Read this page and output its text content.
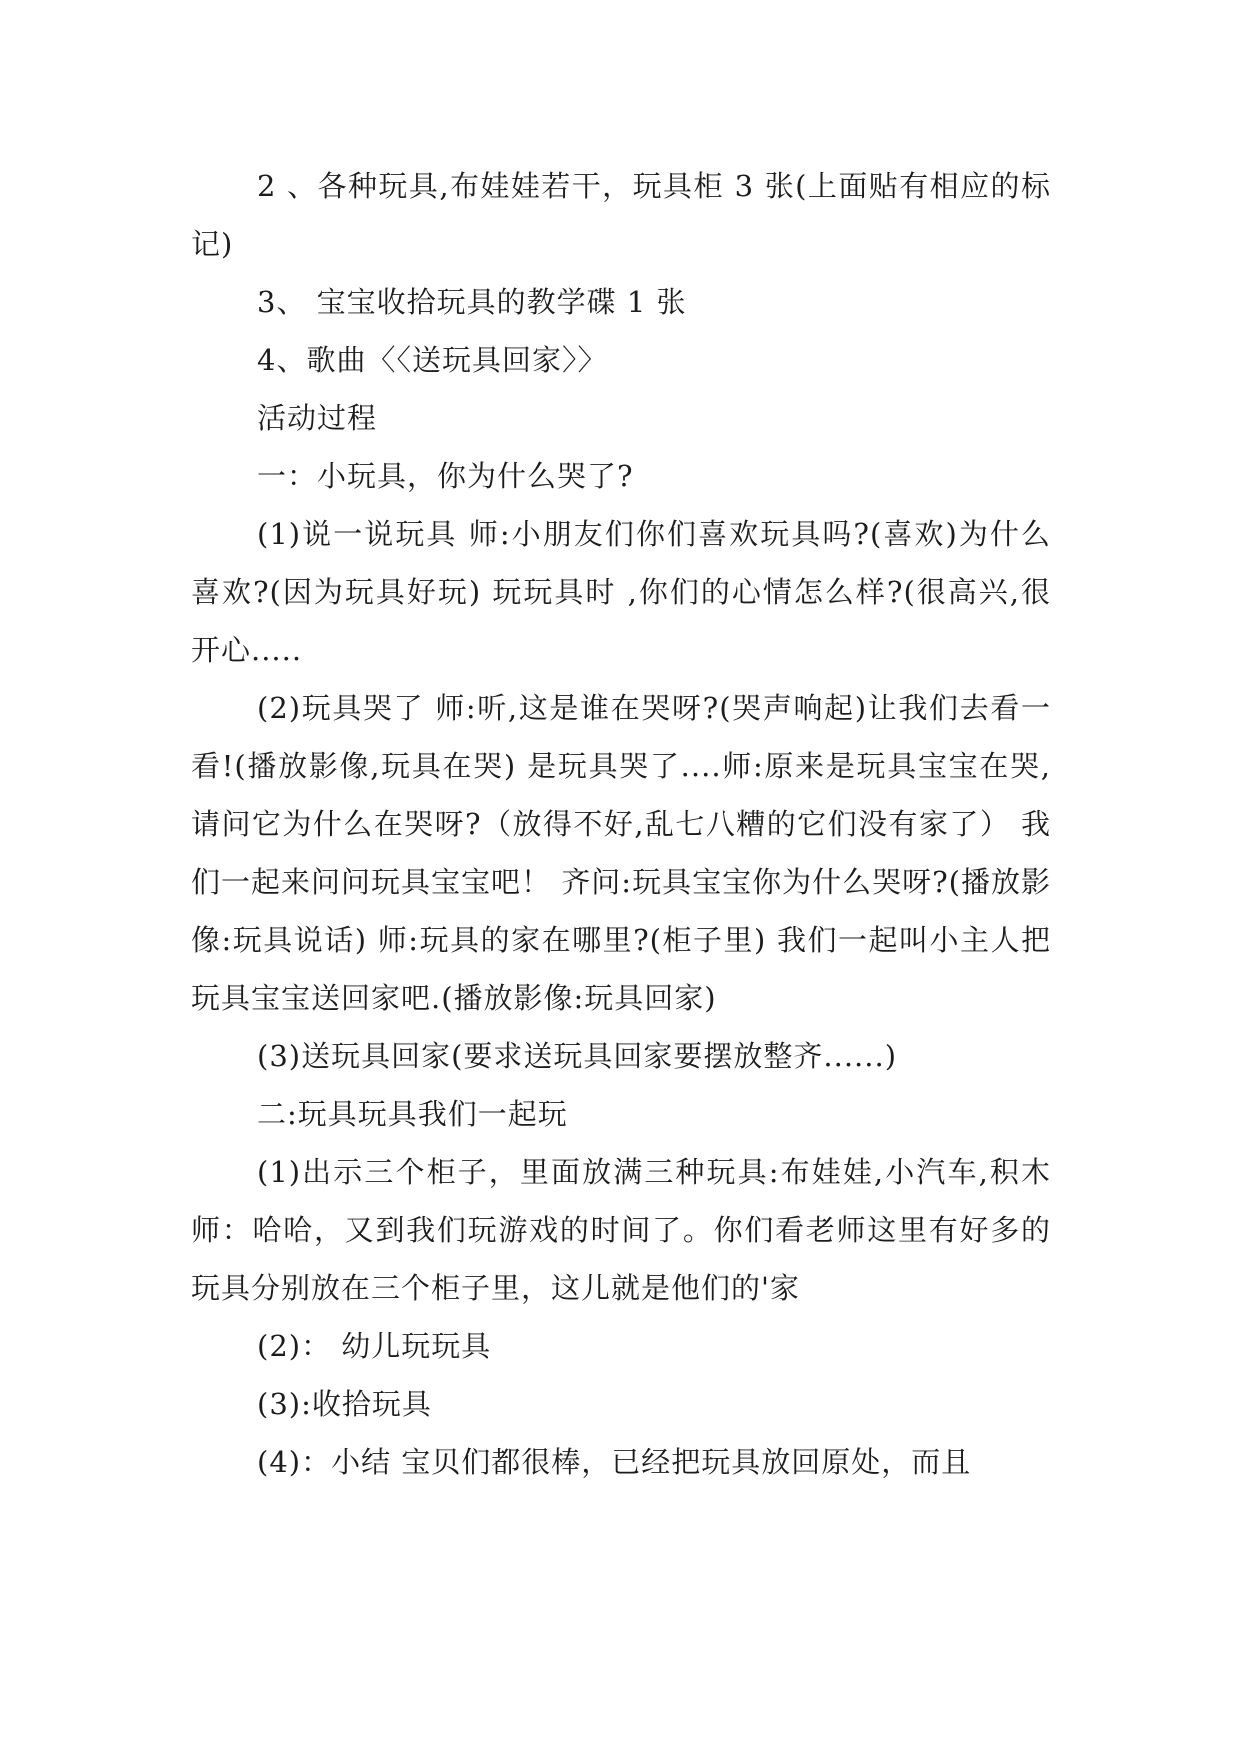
2 、各种玩具,布娃娃若干，玩具柜 3 张(上面贴有相应的标记)

3、 宝宝收拾玩具的教学碟 1 张

4、歌曲〈〈送玩具回家〉〉

活动过程

一：小玩具，你为什么哭了?

(1)说一说玩具 师:小朋友们你们喜欢玩具吗?(喜欢)为什么喜欢?(因为玩具好玩) 玩玩具时 ,你们的心情怎么样?(很高兴,很开心.....

(2)玩具哭了 师:听,这是谁在哭呀?(哭声响起)让我们去看一看!(播放影像,玩具在哭) 是玩具哭了....师:原来是玩具宝宝在哭,请问它为什么在哭呀?（放得不好,乱七八糟的它们没有家了） 我们一起来问问玩具宝宝吧！ 齐问:玩具宝宝你为什么哭呀?(播放影像:玩具说话) 师:玩具的家在哪里?(柜子里) 我们一起叫小主人把玩具宝宝送回家吧.(播放影像:玩具回家)

(3)送玩具回家(要求送玩具回家要摆放整齐......)

二:玩具玩具我们一起玩

(1)出示三个柜子，里面放满三种玩具:布娃娃,小汽车,积木 师：哈哈，又到我们玩游戏的时间了。你们看老师这里有好多的玩具分别放在三个柜子里，这儿就是他们的'家

(2)： 幼儿玩玩具

(3):收拾玩具

(4)：小结 宝贝们都很棒，已经把玩具放回原处，而且
